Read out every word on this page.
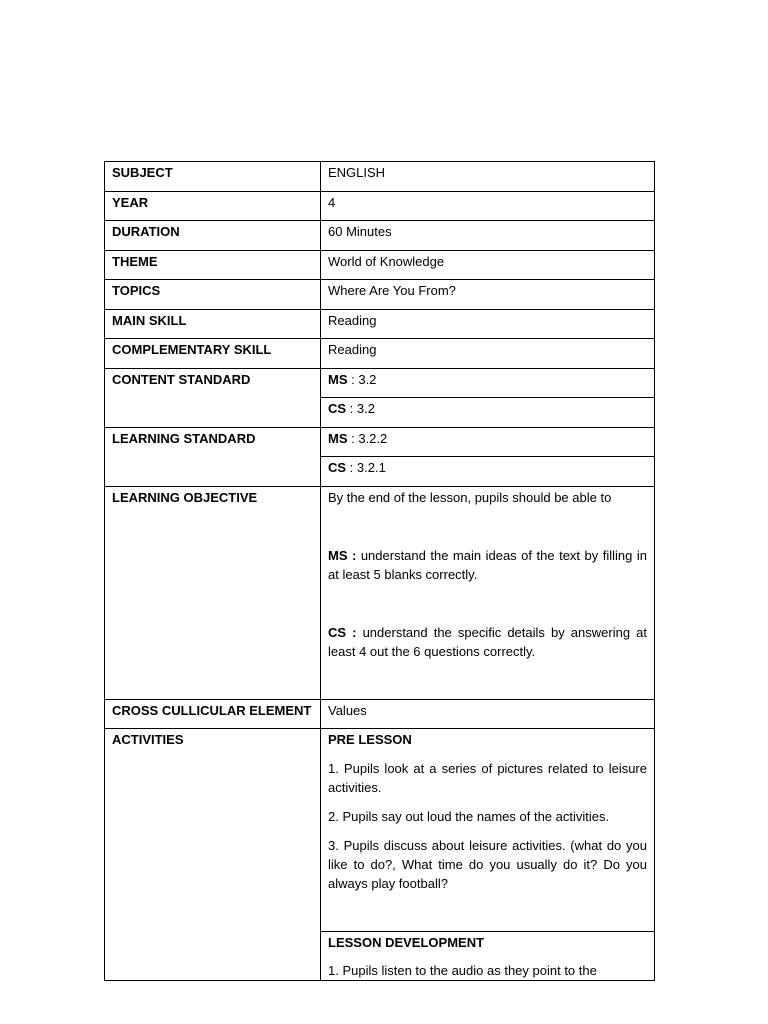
SUBJECT	ENGLISH

YEAR	4

DURATION	60 Minutes

THEME	World of Knowledge

TOPICS	Where Are You From?

MAIN SKILL	Reading

COMPLEMENTARY SKILL	Reading

CONTENT STANDARD	MS : 3.2

	CS : 3.2

LEARNING STANDARD	MS : 3.2.2

	CS : 3.2.1

LEARNING OBJECTIVE	By the end of the lesson, pupils should be able to

MS : understand the main ideas of the text by filling in at least 5 blanks correctly.

CS : understand the specific details by answering at least 4 out the 6 questions correctly.

CROSS CULLICULAR ELEMENT	Values

ACTIVITIES	PRE LESSON

1. Pupils look at a series of pictures related to leisure activities.

2. Pupils say out loud the names of the activities.

3. Pupils discuss about leisure activities. (what do you like to do?, What time do you usually do it? Do you always play football?

	LESSON DEVELOPMENT

1. Pupils listen to the audio as they point to the
